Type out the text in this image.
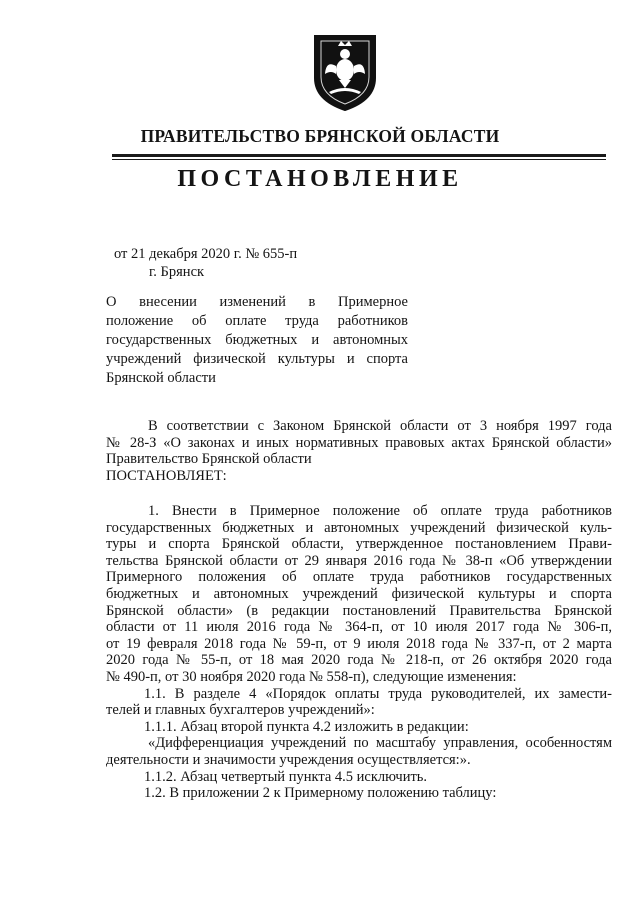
ПРАВИТЕЛЬСТВО БРЯНСКОЙ ОБЛАСТИ
ПОСТАНОВЛЕНИЕ
от 21 декабря 2020 г. № 655-п
г. Брянск
О внесении изменений в Примерное
положение об оплате труда работников
государственных бюджетных и автономных
учреждений физической культуры и спорта
Брянской области
В соответствии с Законом Брянской области от 3 ноября 1997 года
№ 28-З «О законах и иных нормативных правовых актах Брянской области»
Правительство Брянской области
ПОСТАНОВЛЯЕТ:
1. Внести в Примерное положение об оплате труда работников
государственных бюджетных и автономных учреждений физической куль-
туры и спорта Брянской области, утвержденное постановлением Прави-
тельства Брянской области от 29 января 2016 года № 38-п «Об утверждении
Примерного положения об оплате труда работников государственных
бюджетных и автономных учреждений физической культуры и спорта
Брянской области» (в редакции постановлений Правительства Брянской
области от 11 июля 2016 года № 364-п, от 10 июля 2017 года № 306-п,
от 19 февраля 2018 года № 59-п, от 9 июля 2018 года № 337-п, от 2 марта
2020 года № 55-п, от 18 мая 2020 года № 218-п, от 26 октября 2020 года
№ 490-п, от 30 ноября 2020 года № 558-п), следующие изменения:
1.1. В разделе 4 «Порядок оплаты труда руководителей, их замести-
телей и главных бухгалтеров учреждений»:
1.1.1. Абзац второй пункта 4.2 изложить в редакции:
«Дифференциация учреждений по масштабу управления, особенностям
деятельности и значимости учреждения осуществляется:».
1.1.2. Абзац четвертый пункта 4.5 исключить.
1.2. В приложении 2 к Примерному положению таблицу:
